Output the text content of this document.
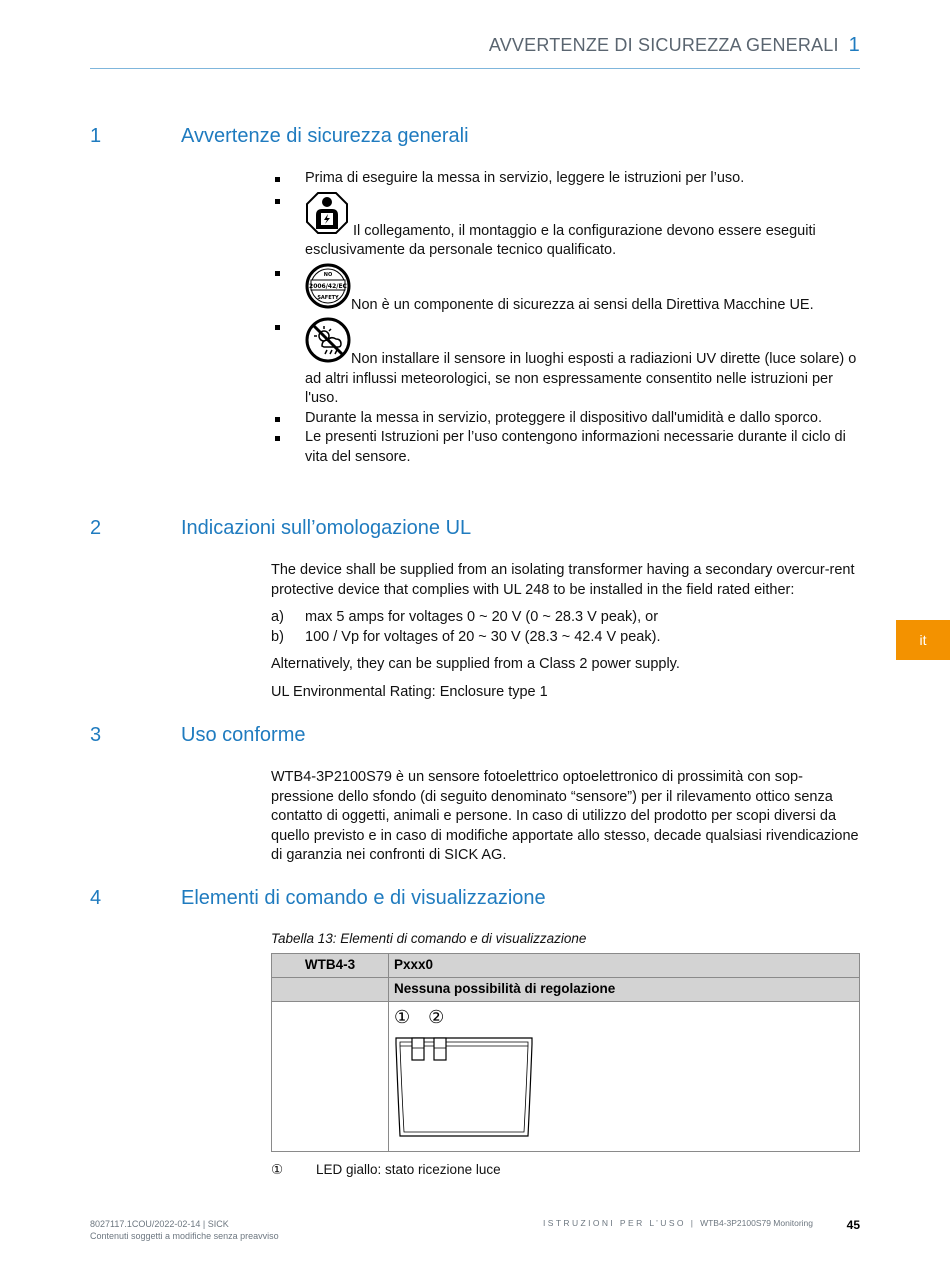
AVVERTENZE DI SICUREZZA GENERALI 1
1	Avvertenze di sicurezza generali
Prima di eseguire la messa in servizio, leggere le istruzioni per l’uso.
Il collegamento, il montaggio e la configurazione devono essere eseguiti esclusivamente da personale tecnico qualificato.
NO
2006/42/EC
SAFETY Non è un componente di sicurezza ai sensi della Direttiva Macchine UE.
Non installare il sensore in luoghi esposti a radiazioni UV dirette (luce solare) o ad altri influssi meteorologici, se non espressamente consentito nelle istruzioni per l'uso.
Durante la messa in servizio, proteggere il dispositivo dall'umidità e dallo sporco.
Le presenti Istruzioni per l’uso contengono informazioni necessarie durante il ciclo di vita del sensore.
2	Indicazioni sull’omologazione UL

The device shall be supplied from an isolating transformer having a secondary overcur-rent protective device that complies with UL 248 to be installed in the field rated either:

a) max 5 amps for voltages 0 ~ 20 V (0 ~ 28.3 V peak), or
b) 100 / Vp for voltages of 20 ~ 30 V (28.3 ~ 42.4 V peak).

Alternatively, they can be supplied from a Class 2 power supply.

UL Environmental Rating: Enclosure type 1

3	Uso conforme
WTB4-3P2100S79 è un sensore fotoelettrico optoelettronico di prossimità con sop-pressione dello sfondo (di seguito denominato “sensore”) per il rilevamento ottico senza contatto di oggetti, animali e persone. In caso di utilizzo del prodotto per scopi diversi da quello previsto e in caso di modifiche apportate allo stesso, decade qualsiasi rivendicazione di garanzia nei confronti di SICK AG.
4	Elementi di comando e di visualizzazione
Tabella 13: Elementi di comando e di visualizzazione
WTB4-3	Pxxx0
	Nessuna possibilità di regolazione

	① ②
① LED giallo: stato ricezione luce
it
8027117.1COU/2022-02-14 | SICK
Contenuti soggetti a modifiche senza preavviso
ISTRUZIONI PER L’USO | WTB4-3P2100S79 Monitoring	45
